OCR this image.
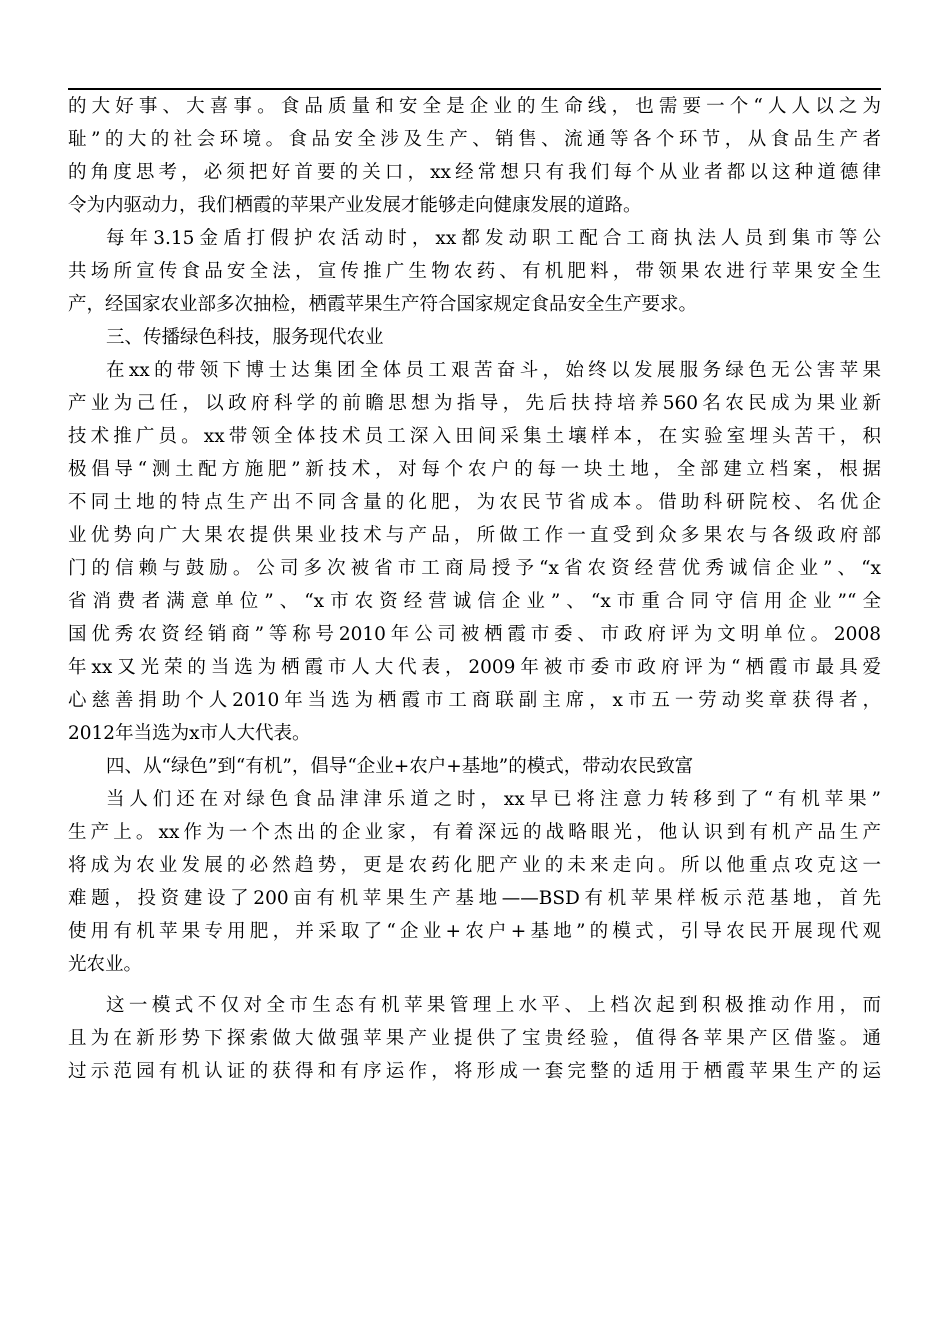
的大好事、大喜事。食品质量和安全是企业的生命线，也需要一个“人人以之为
耻”的大的社会环境。食品安全涉及生产、销售、流通等各个环节，从食品生产者
的角度思考，必须把好首要的关口，xx经常想只有我们每个从业者都以这种道德律
令为内驱动力，我们栖霞的苹果产业发展才能够走向健康发展的道路。
每年3.15金盾打假护农活动时，xx都发动职工配合工商执法人员到集市等公
共场所宣传食品安全法，宣传推广生物农药、有机肥料，带领果农进行苹果安全生
产，经国家农业部多次抽检，栖霞苹果生产符合国家规定食品安全生产要求。
三、传播绿色科技，服务现代农业
在xx的带领下博士达集团全体员工艰苦奋斗，始终以发展服务绿色无公害苹果
产业为己任，以政府科学的前瞻思想为指导，先后扶持培养560名农民成为果业新
技术推广员。xx带领全体技术员工深入田间采集土壤样本，在实验室埋头苦干，积
极倡导“测土配方施肥”新技术，对每个农户的每一块土地，全部建立档案，根据
不同土地的特点生产出不同含量的化肥，为农民节省成本。借助科研院校、名优企
业优势向广大果农提供果业技术与产品，所做工作一直受到众多果农与各级政府部
门的信赖与鼓励。公司多次被省市工商局授予“x省农资经营优秀诚信企业”、“x
省消费者满意单位”、“x市农资经营诚信企业”、“x市重合同守信用企业”“全
国优秀农资经销商”等称号2010年公司被栖霞市委、市政府评为文明单位。2008
年xx又光荣的当选为栖霞市人大代表，2009年被市委市政府评为“栖霞市最具爱
心慈善捐助个人2010年当选为栖霞市工商联副主席，x市五一劳动奖章获得者，
2012年当选为x市人大代表。
四、从“绿色”到“有机”，倡导“企业+农户+基地”的模式，带动农民致富
当人们还在对绿色食品津津乐道之时，xx早已将注意力转移到了“有机苹果”
生产上。xx作为一个杰出的企业家，有着深远的战略眼光，他认识到有机产品生产
将成为农业发展的必然趋势，更是农药化肥产业的未来走向。所以他重点攻克这一
难题，投资建设了200亩有机苹果生产基地——BSD有机苹果样板示范基地，首先
使用有机苹果专用肥，并采取了“企业+农户+基地”的模式，引导农民开展现代观
光农业。
这一模式不仅对全市生态有机苹果管理上水平、上档次起到积极推动作用，而
且为在新形势下探索做大做强苹果产业提供了宝贵经验，值得各苹果产区借鉴。通
过示范园有机认证的获得和有序运作，将形成一套完整的适用于栖霞苹果生产的运
